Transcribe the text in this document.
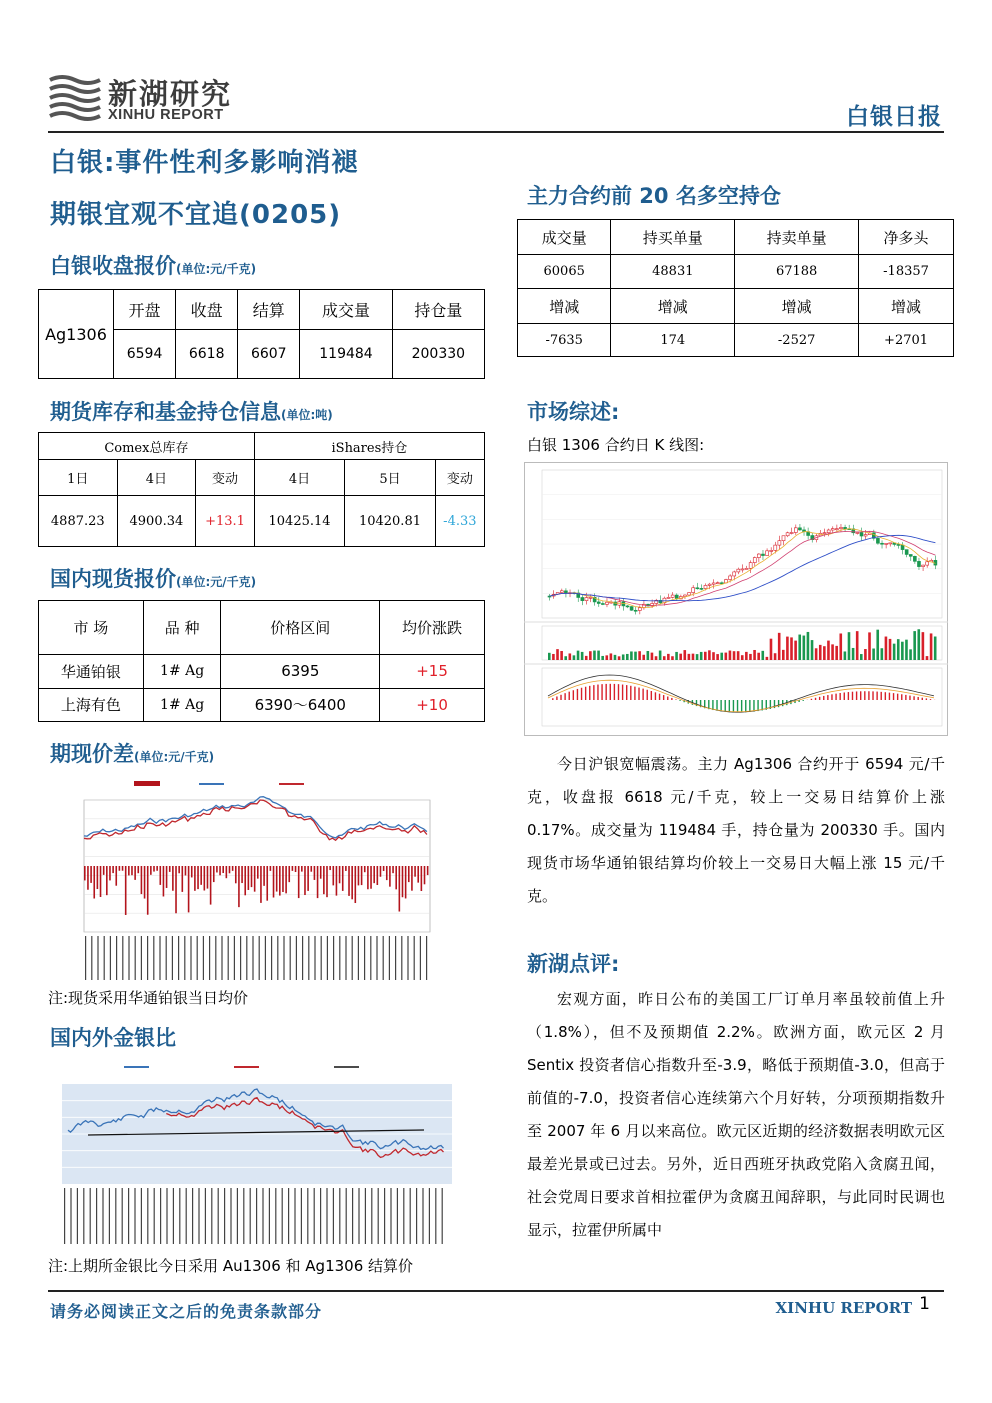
新湖研究
XINHU REPORT	白银日报
白银:事件性利多影响消褪
期银宜观不宜追(0205)
白银收盘报价(单位:元/千克)
Ag1306	开盘	收盘	结算	成交量	持仓量
	6594	6618	6607	119484	200330
期货库存和基金持仓信息(单位:吨)
Comex总库存			iShares持仓		
1日	4日	变动	4日	5日	变动
4887.23	4900.34	+13.1	10425.14	10420.81	-4.33
国内现货报价(单位:元/千克)
市 场	品 种	价格区间	均价涨跌
华通铂银	1# Ag	6395	+15
上海有色	1# Ag	6390～6400	+10
期现价差(单位:元/千克)
注:现货采用华通铂银当日均价
国内外金银比
注:上期所金银比今日采用 Au1306 和 Ag1306 结算价
主力合约前 20 名多空持仓
成交量	持买单量	持卖单量	净多头
60065	48831	67188	-18357
增减	增减	增减	增减
-7635	174	-2527	+2701
市场综述:
白银 1306 合约日 K 线图:
今日沪银宽幅震荡。主力 Ag1306 合约开于 6594 元/千克，收盘报 6618 元/千克，较上一交易日结算价上涨 0.17%。成交量为 119484 手，持仓量为 200330 手。国内现货市场华通铂银结算均价较上一交易日大幅上涨 15 元/千克。
新湖点评:
宏观方面，昨日公布的美国工厂订单月率虽较前值上升（1.8%），但不及预期值 2.2%。欧洲方面，欧元区 2 月 Sentix 投资者信心指数升至-3.9，略低于预期值-3.0，但高于前值的-7.0，投资者信心连续第六个月好转，分项预期指数升至 2007 年 6 月以来高位。欧元区近期的经济数据表明欧元区最差光景或已过去。另外，近日西班牙执政党陷入贪腐丑闻，社会党周日要求首相拉霍伊为贪腐丑闻辞职，与此同时民调也显示，拉霍伊所属中
请务必阅读正文之后的免责条款部分	XINHU REPORT 1
